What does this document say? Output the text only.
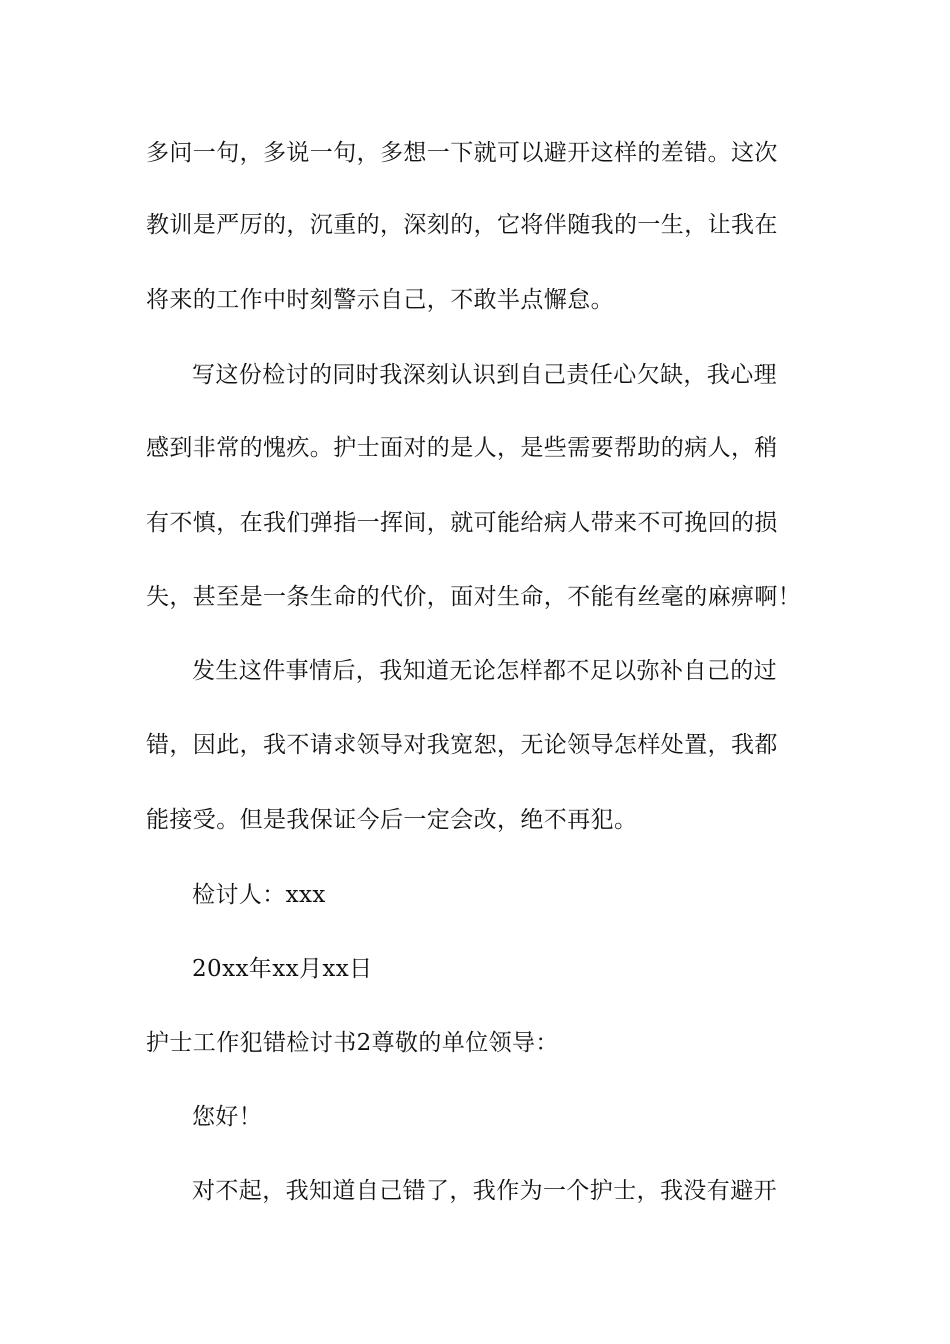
多问一句，多说一句，多想一下就可以避开这样的差错。这次
教训是严厉的，沉重的，深刻的，它将伴随我的一生，让我在
将来的工作中时刻警示自己，不敢半点懈怠。
写这份检讨的同时我深刻认识到自己责任心欠缺，我心理
感到非常的愧疚。护士面对的是人，是些需要帮助的病人，稍
有不慎，在我们弹指一挥间，就可能给病人带来不可挽回的损
失，甚至是一条生命的代价，面对生命，不能有丝毫的麻痹啊！
发生这件事情后，我知道无论怎样都不足以弥补自己的过
错，因此，我不请求领导对我宽恕，无论领导怎样处置，我都
能接受。但是我保证今后一定会改，绝不再犯。
检讨人：xxx
20xx年xx月xx日
护士工作犯错检讨书2尊敬的单位领导：
您好！
对不起，我知道自己错了，我作为一个护士，我没有避开
